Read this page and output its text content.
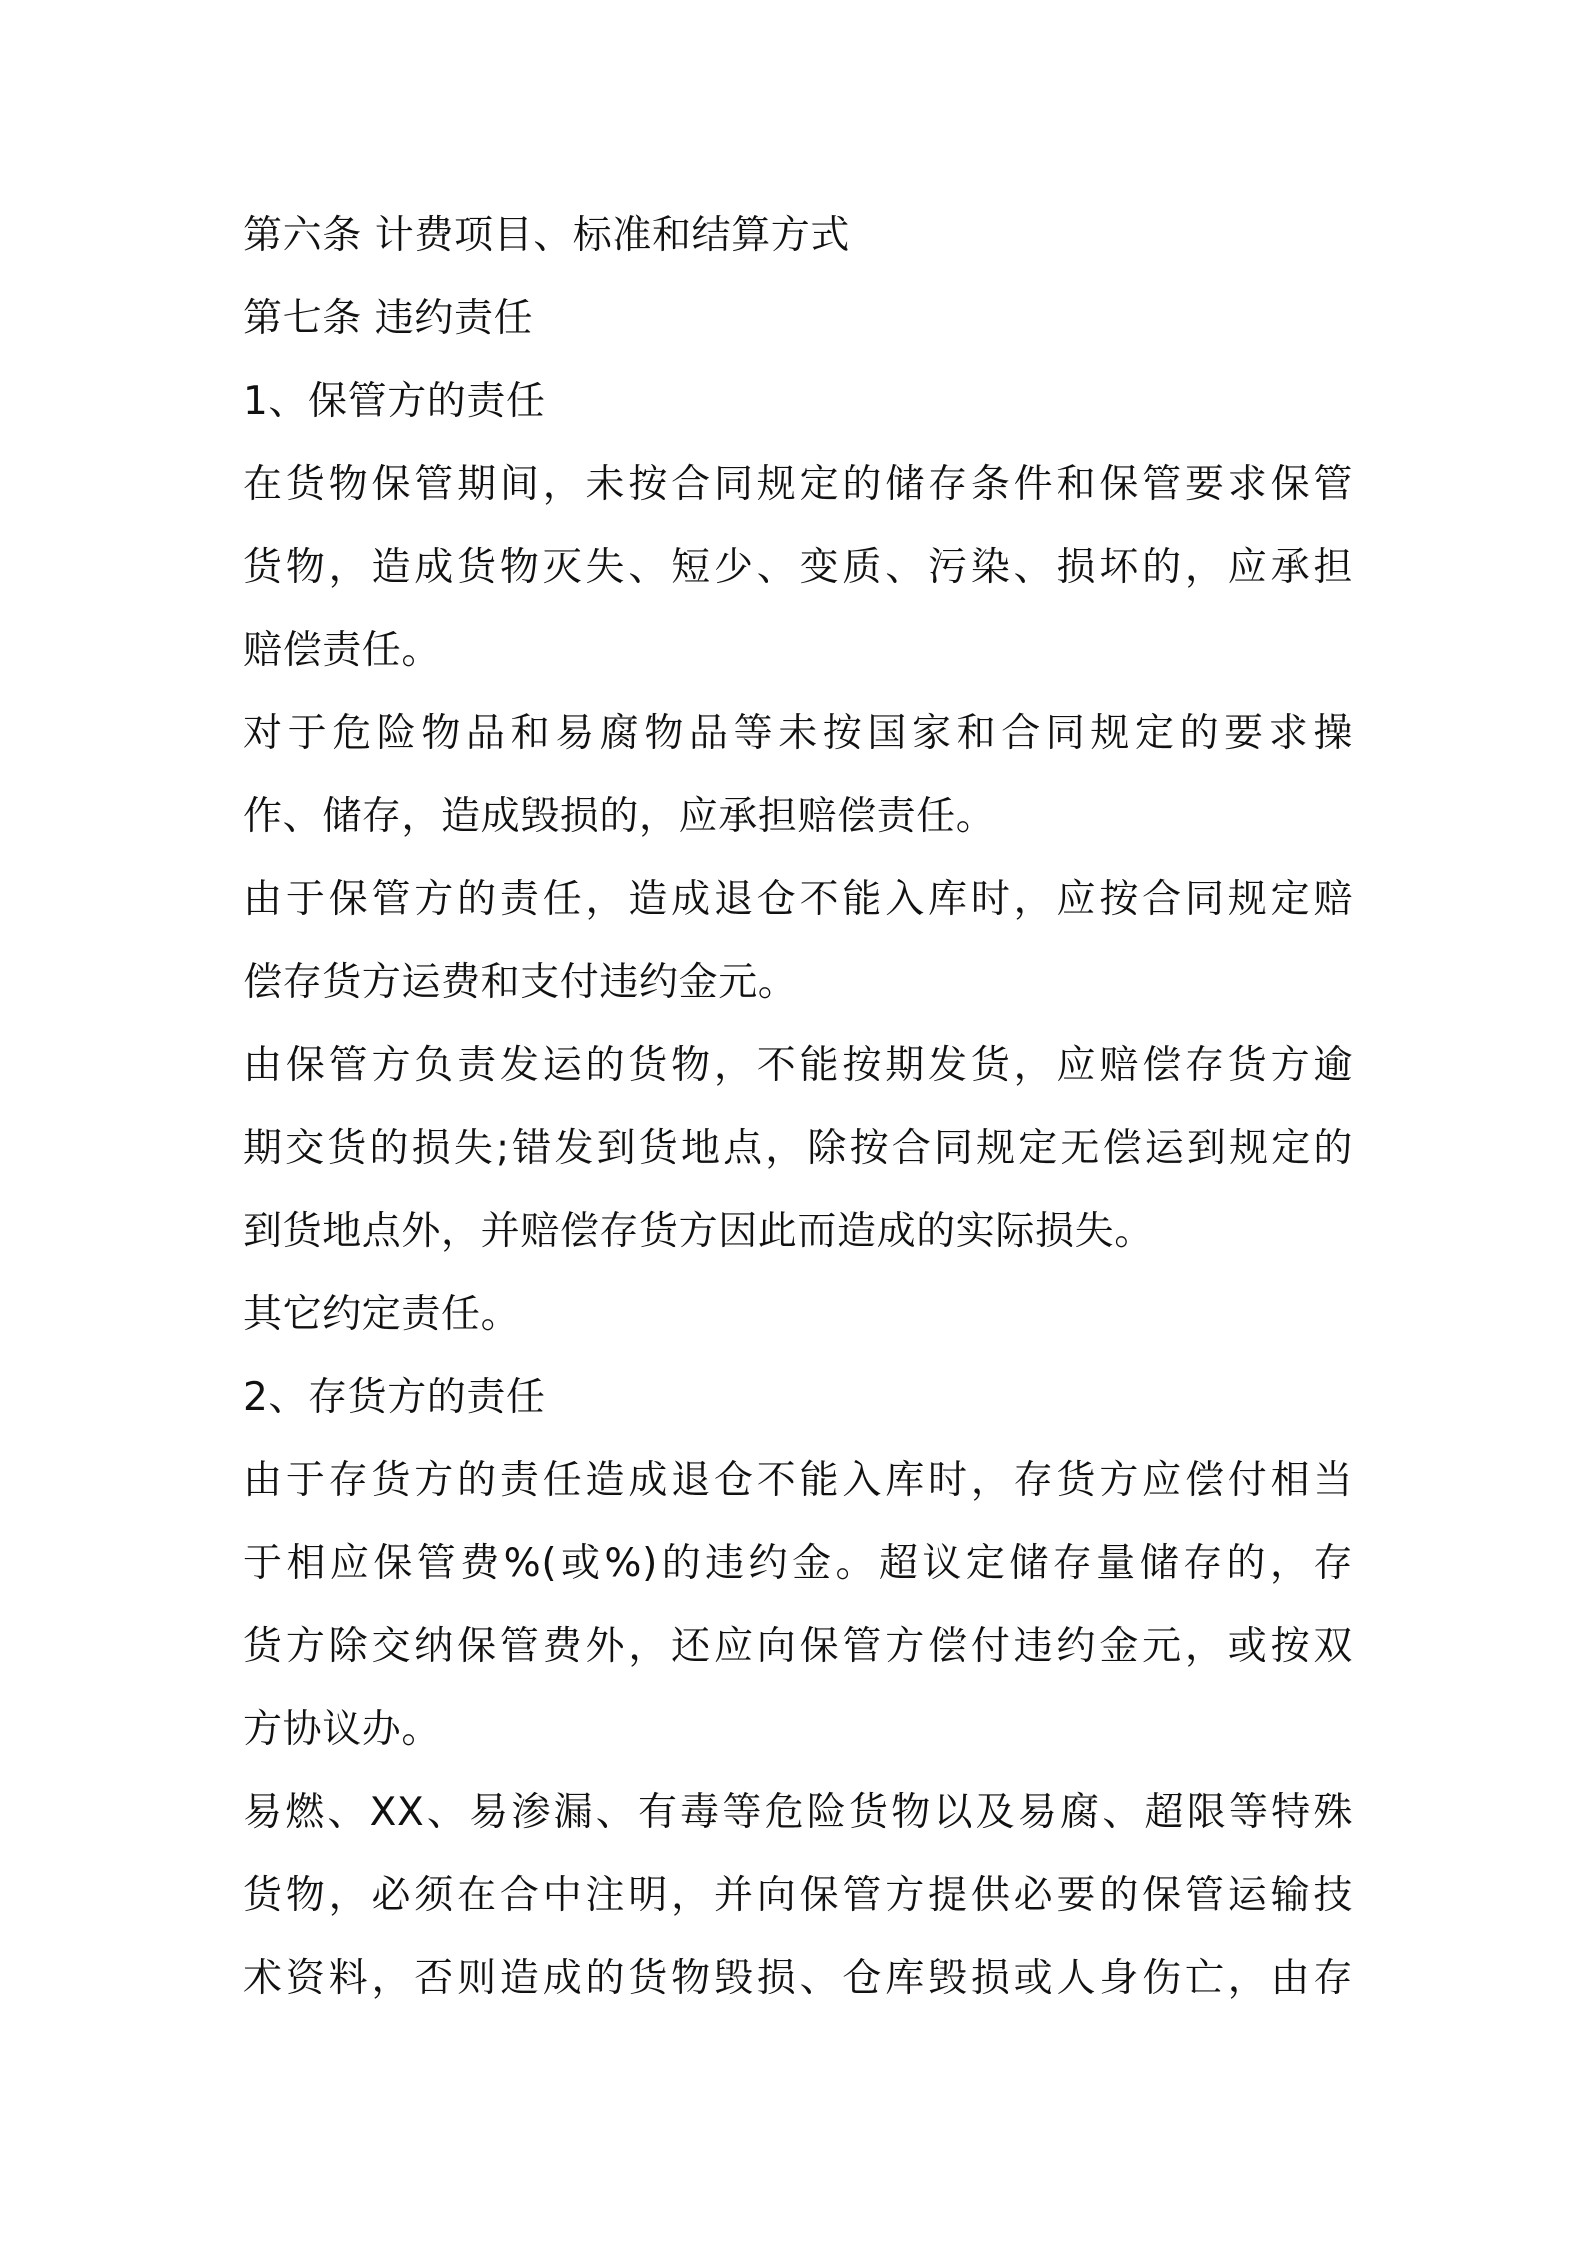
第六条 计费项目、标准和结算方式
第七条 违约责任
1、保管方的责任
在货物保管期间，未按合同规定的储存条件和保管要求保管
货物，造成货物灭失、短少、变质、污染、损坏的，应承担
赔偿责任。
对于危险物品和易腐物品等未按国家和合同规定的要求操
作、储存，造成毁损的，应承担赔偿责任。
由于保管方的责任，造成退仓不能入库时，应按合同规定赔
偿存货方运费和支付违约金元。
由保管方负责发运的货物，不能按期发货，应赔偿存货方逾
期交货的损失;错发到货地点，除按合同规定无偿运到规定的
到货地点外，并赔偿存货方因此而造成的实际损失。
其它约定责任。
2、存货方的责任
由于存货方的责任造成退仓不能入库时，存货方应偿付相当
于相应保管费%(或%)的违约金。超议定储存量储存的，存
货方除交纳保管费外，还应向保管方偿付违约金元，或按双
方协议办。
易燃、XX、易渗漏、有毒等危险货物以及易腐、超限等特殊
货物，必须在合中注明，并向保管方提供必要的保管运输技
术资料，否则造成的货物毁损、仓库毁损或人身伤亡，由存
